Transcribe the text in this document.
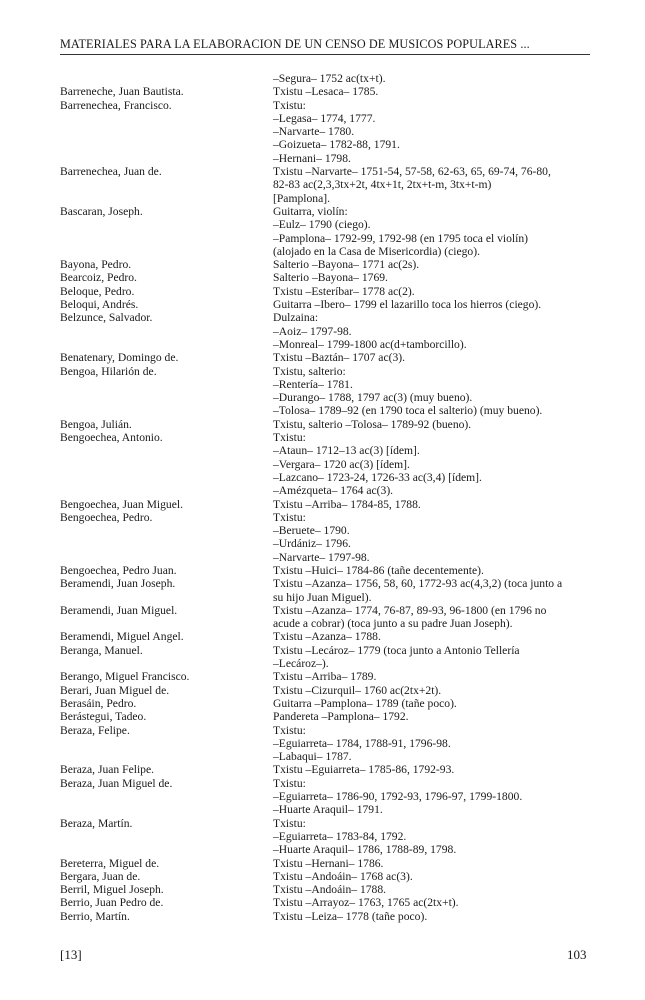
MATERIALES PARA LA ELABORACION DE UN CENSO DE MUSICOS POPULARES ...
–Segura– 1752 ac(tx+t).
Barreneche, Juan Bautista.	Txistu –Lesaca– 1785.
Barrenechea, Francisco.	Txistu:
–Legasa– 1774, 1777.
–Narvarte– 1780.
–Goizueta– 1782-88, 1791.
–Hernani– 1798.
Barrenechea, Juan de.	Txistu –Narvarte– 1751-54, 57-58, 62-63, 65, 69-74, 76-80,
82-83 ac(2,3,3tx+2t, 4tx+1t, 2tx+t-m, 3tx+t-m)
[Pamplona].
Bascaran, Joseph.	Guitarra, violín:
–Eulz– 1790 (ciego).
–Pamplona– 1792-99, 1792-98 (en 1795 toca el violín)
(alojado en la Casa de Misericordia) (ciego).
Bayona, Pedro.	Salterio –Bayona– 1771 ac(2s).
Bearcoiz, Pedro.	Salterio –Bayona– 1769.
Beloque, Pedro.	Txistu –Esteríbar– 1778 ac(2).
Beloqui, Andrés.	Guitarra –Ibero– 1799 el lazarillo toca los hierros (ciego).
Belzunce, Salvador.	Dulzaina:
–Aoiz– 1797-98.
–Monreal– 1799-1800 ac(d+tamborcillo).
Benatenary, Domingo de.	Txistu –Baztán– 1707 ac(3).
Bengoa, Hilarión de.	Txistu, salterio:
–Rentería– 1781.
–Durango– 1788, 1797 ac(3) (muy bueno).
–Tolosa– 1789–92 (en 1790 toca el salterio) (muy bueno).
Bengoa, Julián.	Txistu, salterio –Tolosa– 1789-92 (bueno).
Bengoechea, Antonio.	Txistu:
–Ataun– 1712–13 ac(3) [ídem].
–Vergara– 1720 ac(3) [ídem].
–Lazcano– 1723-24, 1726-33 ac(3,4) [ídem].
–Amézqueta– 1764 ac(3).
Bengoechea, Juan Miguel.	Txistu –Arriba– 1784-85, 1788.
Bengoechea, Pedro.	Txistu:
–Beruete– 1790.
–Urdániz– 1796.
–Narvarte– 1797-98.
Bengoechea, Pedro Juan.	Txistu –Huici– 1784-86 (tañe decentemente).
Beramendi, Juan Joseph.	Txistu –Azanza– 1756, 58, 60, 1772-93 ac(4,3,2) (toca junto a
su hijo Juan Miguel).
Beramendi, Juan Miguel.	Txistu –Azanza– 1774, 76-87, 89-93, 96-1800 (en 1796 no
acude a cobrar) (toca junto a su padre Juan Joseph).
Beramendi, Miguel Angel.	Txistu –Azanza– 1788.
Beranga, Manuel.	Txistu –Lecároz– 1779 (toca junto a Antonio Tellería
–Lecároz–).
Berango, Miguel Francisco.	Txistu –Arriba– 1789.
Berari, Juan Miguel de.	Txistu –Cizurquil– 1760 ac(2tx+2t).
Berasáin, Pedro.	Guitarra –Pamplona– 1789 (tañe poco).
Berástegui, Tadeo.	Pandereta –Pamplona– 1792.
Beraza, Felipe.	Txistu:
–Eguiarreta– 1784, 1788-91, 1796-98.
–Labaqui– 1787.
Beraza, Juan Felipe.	Txistu –Eguiarreta– 1785-86, 1792-93.
Beraza, Juan Miguel de.	Txistu:
–Eguiarreta– 1786-90, 1792-93, 1796-97, 1799-1800.
–Huarte Araquil– 1791.
Beraza, Martín.	Txistu:
–Eguiarreta– 1783-84, 1792.
–Huarte Araquil– 1786, 1788-89, 1798.
Bereterra, Miguel de.	Txistu –Hernani– 1786.
Bergara, Juan de.	Txistu –Andoáin– 1768 ac(3).
Berril, Miguel Joseph.	Txistu –Andoáin– 1788.
Berrio, Juan Pedro de.	Txistu –Arrayoz– 1763, 1765 ac(2tx+t).
Berrio, Martín.	Txistu –Leiza– 1778 (tañe poco).
[13]	103
